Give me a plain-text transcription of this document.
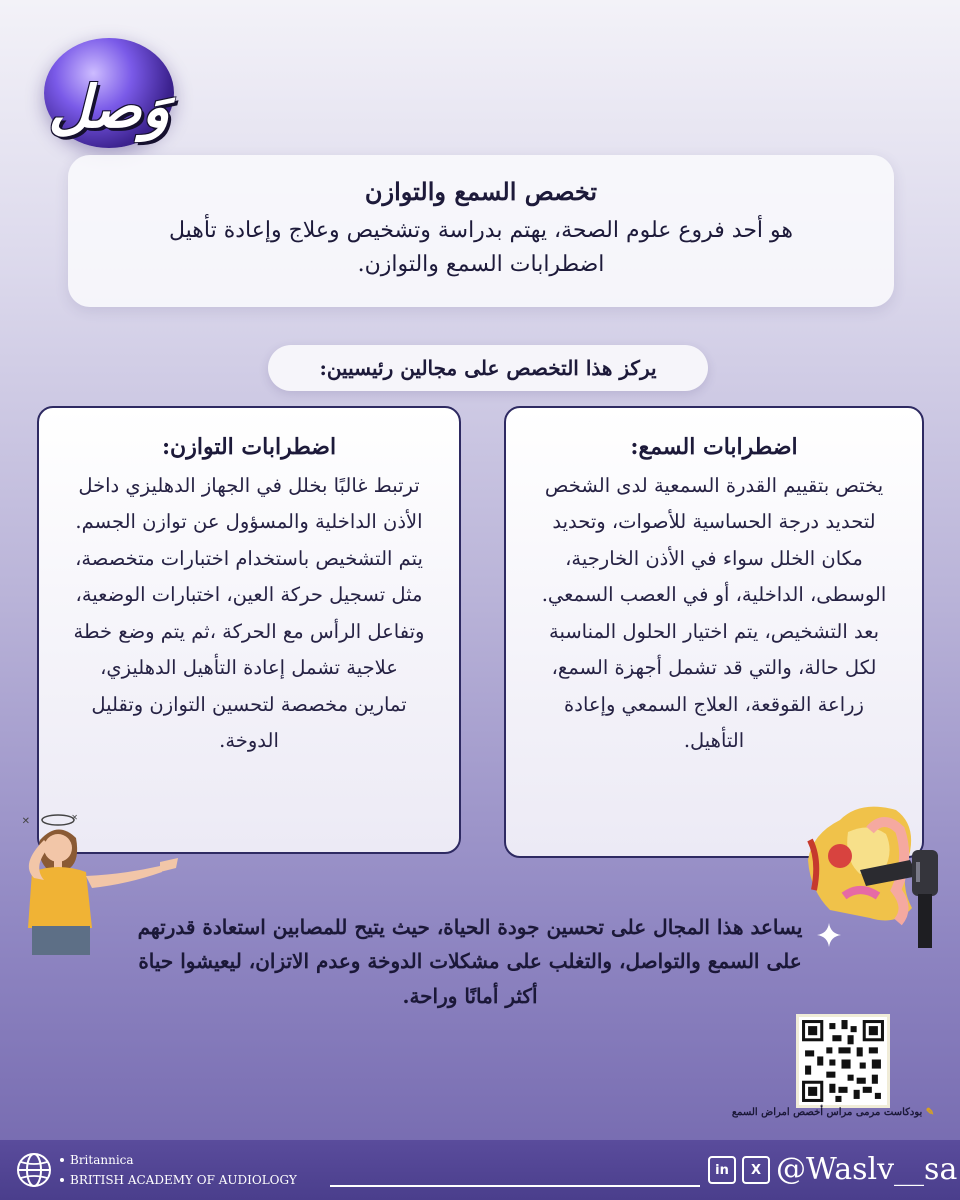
وَصل
تخصص السمع والتوازن

هو أحد فروع علوم الصحة، يهتم بدراسة وتشخيص وعلاج وإعادة تأهيل اضطرابات السمع والتوازن.

يركز هذا التخصص على مجالين رئيسيين:
اضطرابات السمع:

يختص بتقييم القدرة السمعية لدى الشخص لتحديد درجة الحساسية للأصوات، وتحديد مكان الخلل سواء في الأذن الخارجية، الوسطى، الداخلية، أو في العصب السمعي. بعد التشخيص، يتم اختيار الحلول المناسبة لكل حالة، والتي قد تشمل أجهزة السمع، زراعة القوقعة، العلاج السمعي وإعادة التأهيل.

اضطرابات التوازن:

ترتبط غالبًا بخلل في الجهاز الدهليزي داخل الأذن الداخلية والمسؤول عن توازن الجسم. يتم التشخيص باستخدام اختبارات متخصصة، مثل تسجيل حركة العين، اختبارات الوضعية، وتفاعل الرأس مع الحركة ،ثم يتم وضع خطة علاجية تشمل إعادة التأهيل الدهليزي، تمارين مخصصة لتحسين التوازن وتقليل الدوخة.

✕	✕
يساعد هذا المجال على تحسين جودة الحياة، حيث يتيح للمصابين استعادة قدرتهم على السمع والتواصل، والتغلب على مشكلات الدوخة وعدم الاتزان، ليعيشوا حياة أكثر أمانًا وراحة.
✎ بودكاست مرمى مراس أخصص امراض السمع
Britannica
BRITISH ACADEMY OF AUDIOLOGY
in	X @Waslv__sa
